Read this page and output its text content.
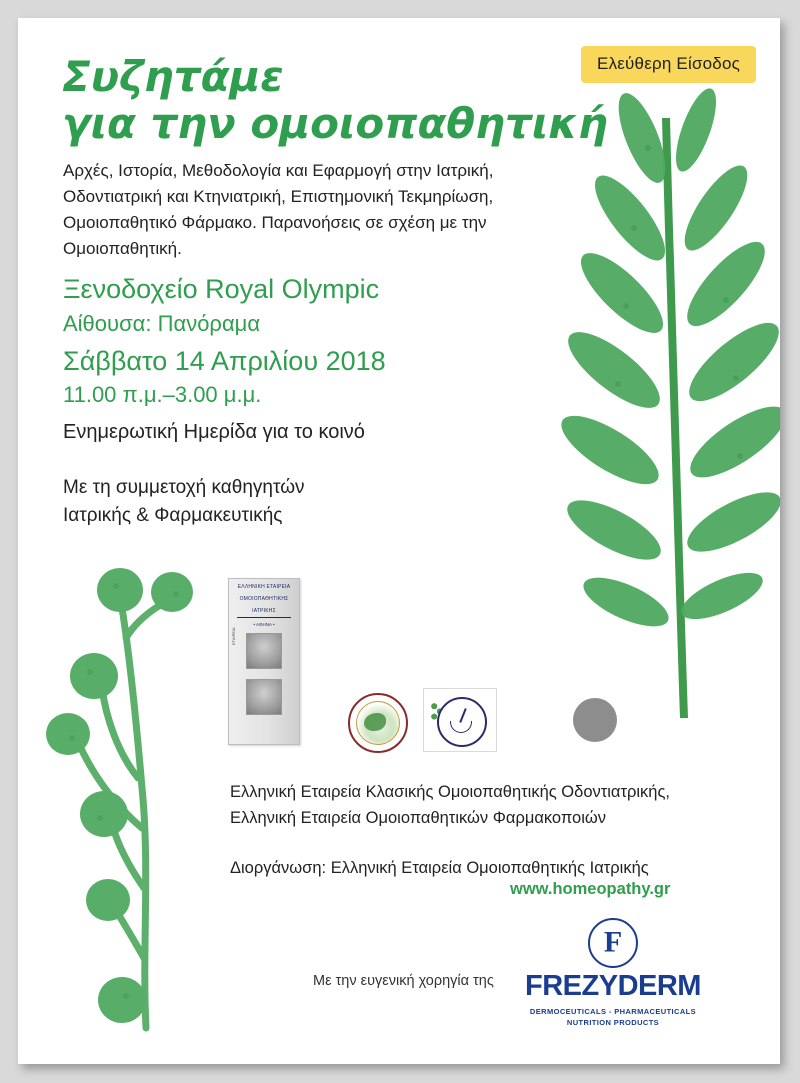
Ελεύθερη Είσοδος
Συζητάμε
για την ομοιοπαθητική
Αρχές, Ιστορία, Μεθοδολογία και Εφαρμογή στην Ιατρική, Οδοντιατρική και Κτηνιατρική, Επιστημονική Τεκμηρίωση, Ομοιοπαθητικό Φάρμακο. Παρανοήσεις σε σχέση με την Ομοιοπαθητική.
Ξενοδοχείο Royal Olympic
Αίθουσα: Πανόραμα
Σάββατο 14 Απριλίου 2018
11.00 π.μ.–3.00 μ.μ.
Ενημερωτική Ημερίδα για το κοινό
Με τη συμμετοχή καθηγητών
Ιατρικής & Φαρμακευτικής
ΕΛΛΗΝΙΚΗ ΕΤΑΙΡΕΙΑ
ΟΜΟΙΟΠΑΘΗΤΙΚΗΣ
ΙΑΤΡΙΚΗΣ
• ΑΘΗΝΑ •
ΕΤΑΙΡΕΙΑ
Ελληνική Εταιρεία Κλασικής Ομοιοπαθητικής Οδοντιατρικής,
Ελληνική Εταιρεία Ομοιοπαθητικών Φαρμακοποιών
Διοργάνωση: Ελληνική Εταιρεία Ομοιοπαθητικής Ιατρικής
www.homeopathy.gr
Με την ευγενική χορηγία της
F
FREZYDERM
DERMOCEUTICALS - PHARMACEUTICALS
NUTRITION PRODUCTS
